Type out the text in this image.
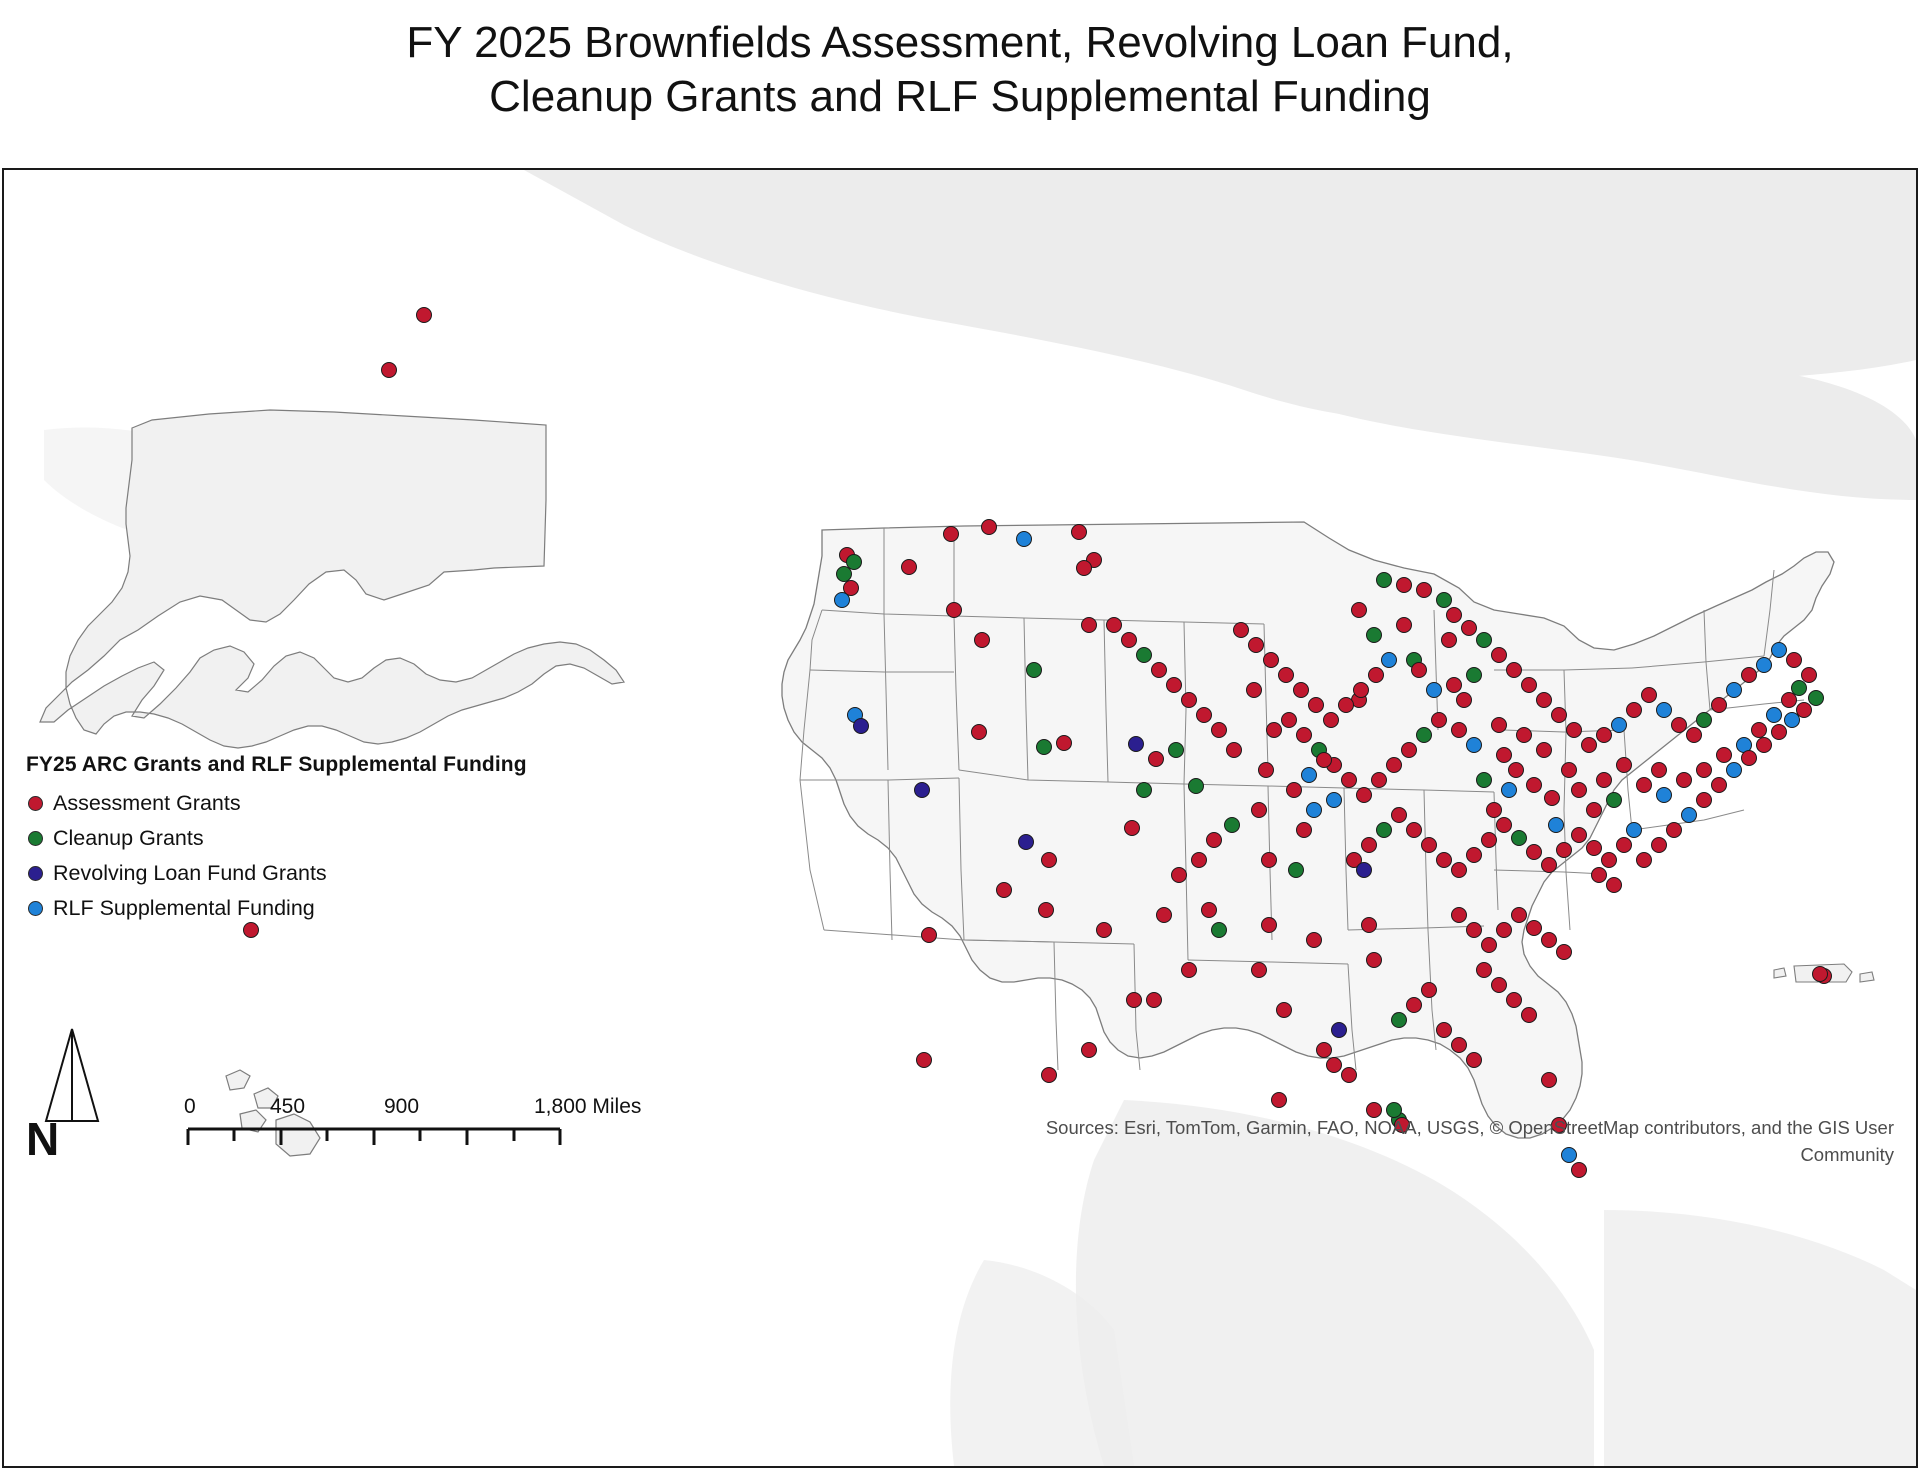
FY 2025 Brownfields Assessment, Revolving Loan Fund,
Cleanup Grants and RLF Supplemental Funding
FY25 ARC Grants and RLF Supplemental Funding
Assessment Grants
Cleanup Grants
Revolving Loan Fund Grants
RLF Supplemental Funding
N
0	450	900	1,800 Miles
Sources: Esri, TomTom, Garmin, FAO, NOAA, USGS, © OpenStreetMap contributors, and the GIS User Community
